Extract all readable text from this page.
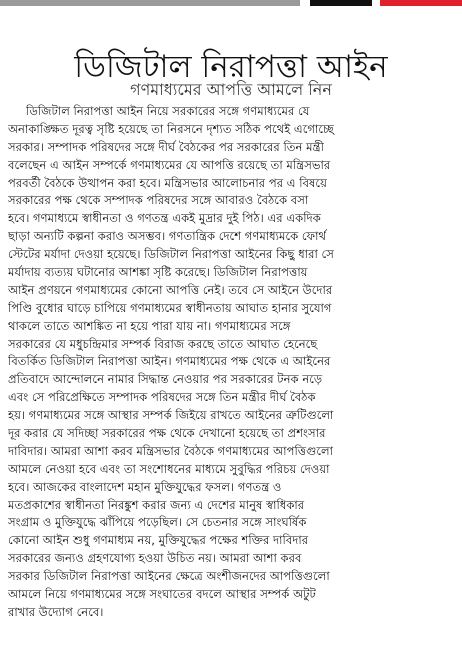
ডিজিটাল নিরাপত্তা আইন
গণমাধ্যমের আপত্তি আমলে নিন
ডিজিটাল নিরাপত্তা আইন নিয়ে সরকারের সঙ্গে গণমাধ্যমের যে
অনাকাঙ্ক্ষিত দূরত্ব সৃষ্টি হয়েছে তা নিরসনে দৃশ্যত সঠিক পথেই এগোচ্ছে
সরকার। সম্পাদক পরিষদের সঙ্গে দীর্ঘ বৈঠকের পর সরকারের তিন মন্ত্রী
বলেছেন এ আইন সম্পর্কে গণমাধ্যমের যে আপত্তি রয়েছে তা মন্ত্রিসভার
পরবর্তী বৈঠকে উত্থাপন করা হবে। মন্ত্রিসভার আলোচনার পর এ বিষয়ে
সরকারের পক্ষ থেকে সম্পাদক পরিষদের সঙ্গে আবারও বৈঠকে বসা
হবে। গণমাধ্যমে স্বাধীনতা ও গণতন্ত্র একই মুদ্রার দুই পিঠ। এর একদিক
ছাড়া অন্যটি কল্পনা করাও অসম্ভব। গণতান্ত্রিক দেশে গণমাধ্যমকে ফোর্থ
স্টেটের মর্যাদা দেওয়া হয়েছে। ডিজিটাল নিরাপত্তা আইনের কিছু ধারা সে
মর্যাদায় ব্যত্যয় ঘটানোর আশঙ্কা সৃষ্টি করেছে। ডিজিটাল নিরাপত্তায়
আইন প্রণয়নে গণমাধ্যমের কোনো আপত্তি নেই। তবে সে আইনে উদোর
পিণ্ডি বুধোর ঘাড়ে চাপিয়ে গণমাধ্যমের স্বাধীনতায় আঘাত হানার সুযোগ
থাকলে তাতে আশঙ্কিত না হয়ে পারা যায় না। গণমাধ্যমের সঙ্গে
সরকারের যে মধুচন্দ্রিমার সম্পর্ক বিরাজ করছে তাতে আঘাত হেনেছে
বিতর্কিত ডিজিটাল নিরাপত্তা আইন। গণমাধ্যমের পক্ষ থেকে এ আইনের
প্রতিবাদে আন্দোলনে নামার সিদ্ধান্ত নেওয়ার পর সরকারের টনক নড়ে
এবং সে পরিপ্রেক্ষিতে সম্পাদক পরিষদের সঙ্গে তিন মন্ত্রীর দীর্ঘ বৈঠক
হয়। গণমাধ্যমের সঙ্গে আস্থার সম্পর্ক জিইয়ে রাখতে আইনের ত্রুটিগুলো
দূর করার যে সদিচ্ছা সরকারের পক্ষ থেকে দেখানো হয়েছে তা প্রশংসার
দাবিদার। আমরা আশা করব মন্ত্রিসভার বৈঠকে গণমাধ্যমের আপত্তিগুলো
আমলে নেওয়া হবে এবং তা সংশোধনের মাধ্যমে সুবুদ্ধির পরিচয় দেওয়া
হবে। আজকের বাংলাদেশ মহান মুক্তিযুদ্ধের ফসল। গণতন্ত্র ও
মতপ্রকাশের স্বাধীনতা নিরঙ্কুশ করার জন্য এ দেশের মানুষ স্বাধিকার
সংগ্রাম ও মুক্তিযুদ্ধে ঝাঁপিয়ে পড়েছিল। সে চেতনার সঙ্গে সাংঘর্ষিক
কোনো আইন শুধু গণমাধ্যম নয়, মুক্তিযুদ্ধের পক্ষের শক্তির দাবিদার
সরকারের জন্যও গ্রহণযোগ্য হওয়া উচিত নয়। আমরা আশা করব
সরকার ডিজিটাল নিরাপত্তা আইনের ক্ষেত্রে অংশীজনদের আপত্তিগুলো
আমলে নিয়ে গণমাধ্যমের সঙ্গে সংঘাতের বদলে আস্থার সম্পর্ক অটুট
রাখার উদ্যোগ নেবে।
